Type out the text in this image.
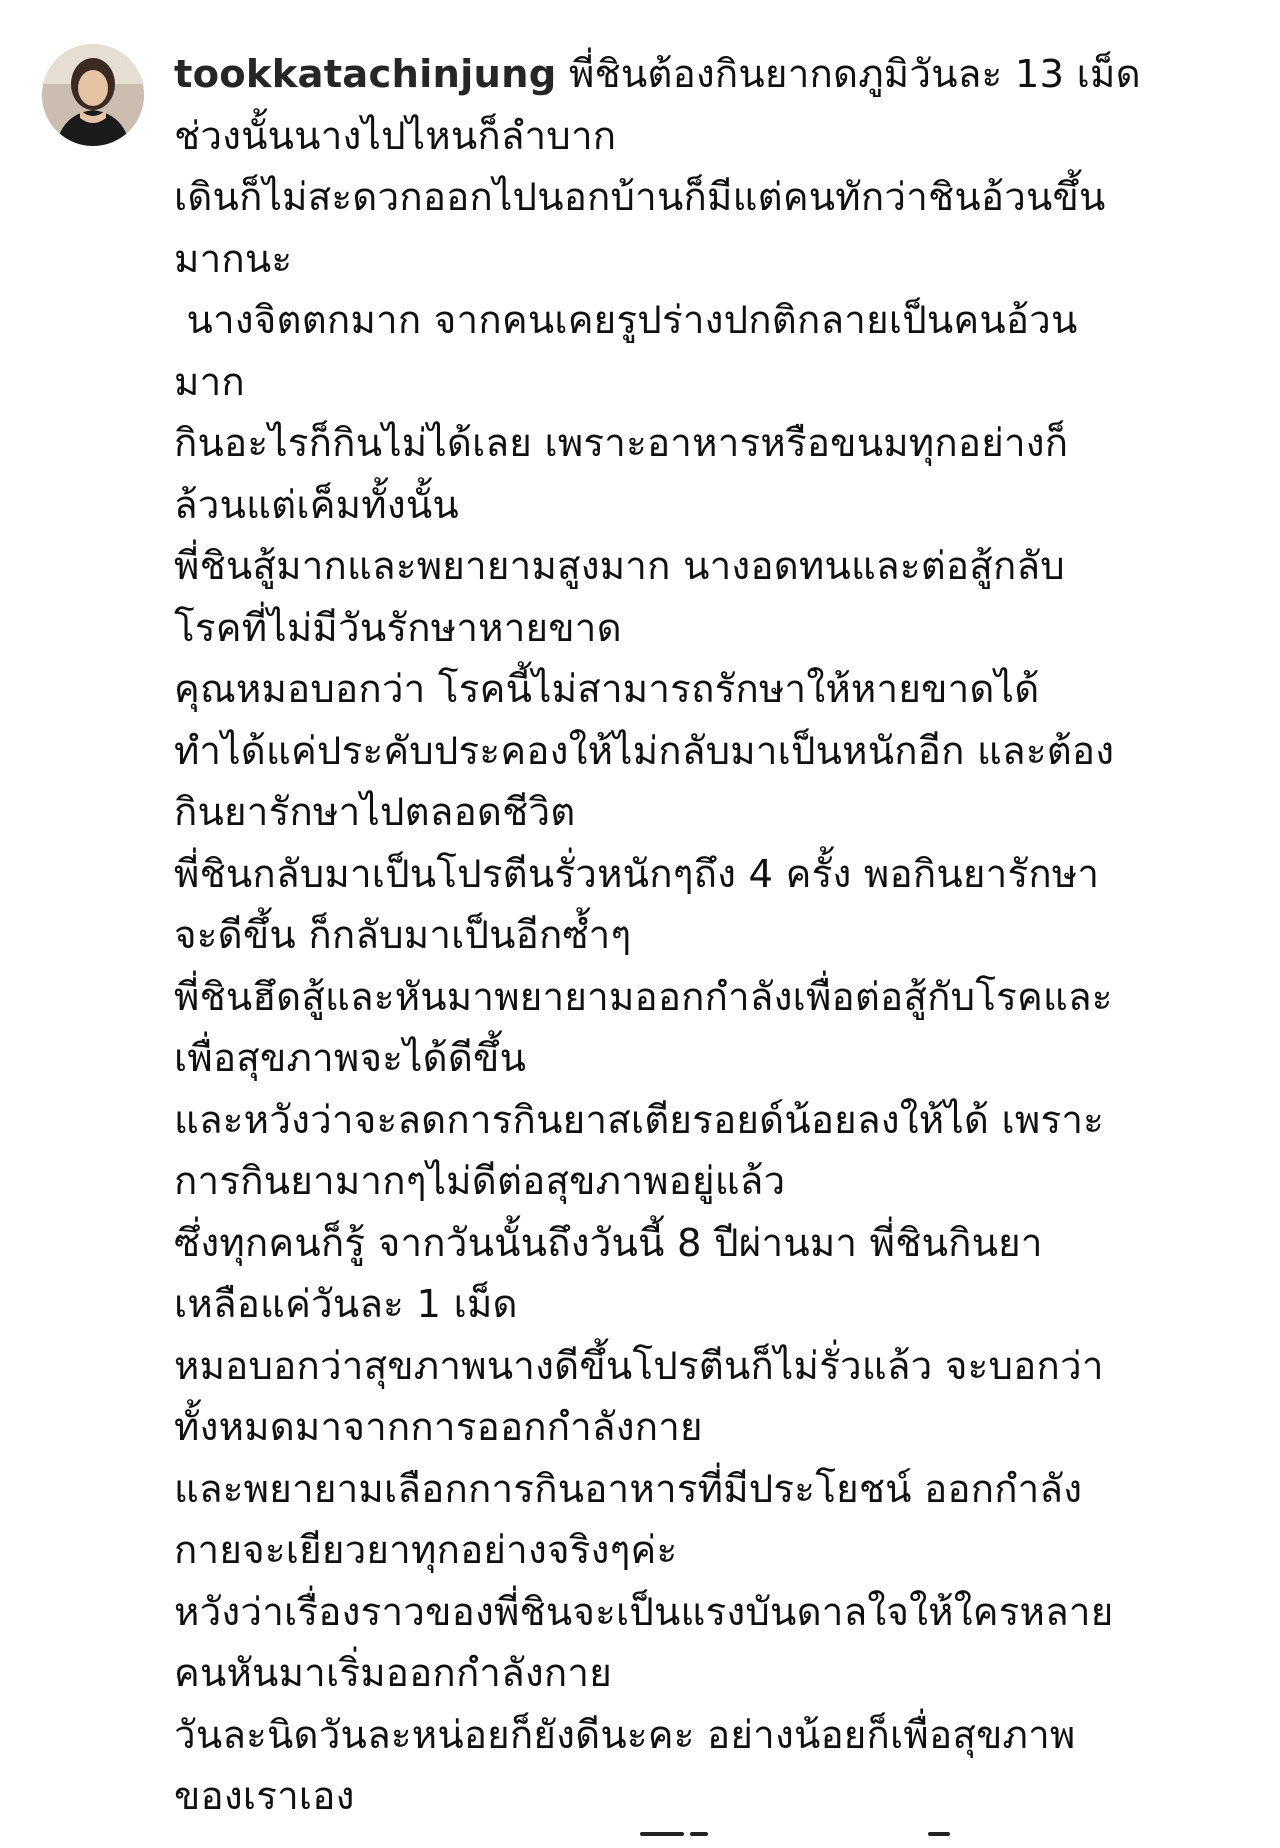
tookkatachinjung พี่ชินต้องกินยากดภูมิวันละ 13 เม็ด
ช่วงนั้นนางไปไหนก็ลำบาก
เดินก็ไม่สะดวกออกไปนอกบ้านก็มีแต่คนทักว่าชินอ้วนขึ้น
มากนะ
นางจิตตกมาก จากคนเคยรูปร่างปกติกลายเป็นคนอ้วน
มาก
กินอะไรก็กินไม่ได้เลย เพราะอาหารหรือขนมทุกอย่างก็
ล้วนแต่เค็มทั้งนั้น
พี่ชินสู้มากและพยายามสูงมาก นางอดทนและต่อสู้กลับ
โรคที่ไม่มีวันรักษาหายขาด
คุณหมอบอกว่า โรคนี้ไม่สามารถรักษาให้หายขาดได้
ทำได้แค่ประคับประคองให้ไม่กลับมาเป็นหนักอีก และต้อง
กินยารักษาไปตลอดชีวิต
พี่ชินกลับมาเป็นโปรตีนรั่วหนักๆถึง 4 ครั้ง พอกินยารักษา
จะดีขึ้น ก็กลับมาเป็นอีกซ้ำๆ
พี่ชินฮึดสู้และหันมาพยายามออกกำลังเพื่อต่อสู้กับโรคและ
เพื่อสุขภาพจะได้ดีขึ้น
และหวังว่าจะลดการกินยาสเตียรอยด์น้อยลงให้ได้ เพราะ
การกินยามากๆไม่ดีต่อสุขภาพอยู่แล้ว
ซึ่งทุกคนก็รู้ จากวันนั้นถึงวันนี้ 8 ปีผ่านมา พี่ชินกินยา
เหลือแค่วันละ 1 เม็ด
หมอบอกว่าสุขภาพนางดีขึ้นโปรตีนก็ไม่รั่วแล้ว จะบอกว่า
ทั้งหมดมาจากการออกกำลังกาย
และพยายามเลือกการกินอาหารที่มีประโยชน์ ออกกำลัง
กายจะเยียวยาทุกอย่างจริงๆค่ะ
หวังว่าเรื่องราวของพี่ชินจะเป็นแรงบันดาลใจให้ใครหลาย
คนหันมาเริ่มออกกำลังกาย
วันละนิดวันละหน่อยก็ยังดีนะคะ อย่างน้อยก็เพื่อสุขภาพ
ของเราเอง
